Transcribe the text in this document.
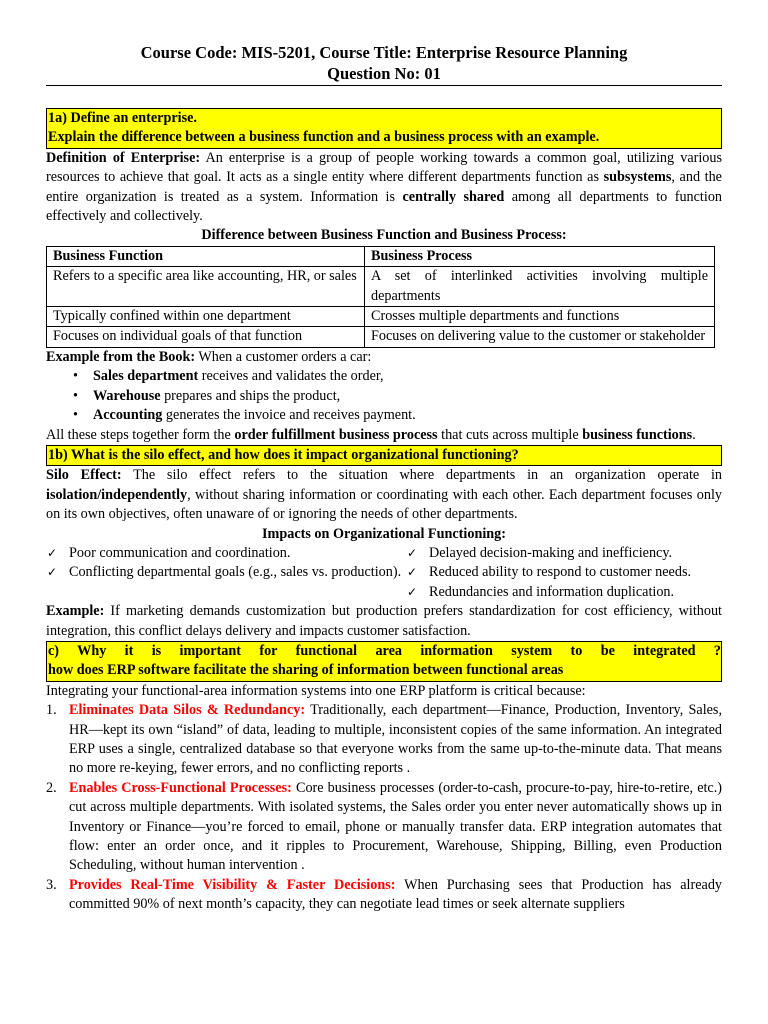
Course Code: MIS-5201, Course Title: Enterprise Resource Planning
Question No: 01
1a) Define an enterprise.
Explain the difference between a business function and a business process with an example.

Definition of Enterprise: An enterprise is a group of people working towards a common goal, utilizing various resources to achieve that goal. It acts as a single entity where different departments function as subsystems, and the entire organization is treated as a system. Information is centrally shared among all departments to function effectively and collectively.

Difference between Business Function and Business Process:
Business Function	Business Process
Refers to a specific area like accounting, HR, or sales	A set of interlinked activities involving multiple departments
Typically confined within one department	Crosses multiple departments and functions
Focuses on individual goals of that function	Focuses on delivering value to the customer or stakeholder

Example from the Book: When a customer orders a car:

• Sales department receives and validates the order,
• Warehouse prepares and ships the product,
• Accounting generates the invoice and receives payment.

All these steps together form the order fulfillment business process that cuts across multiple business functions.

1b) What is the silo effect, and how does it impact organizational functioning?

Silo Effect: The silo effect refers to the situation where departments in an organization operate in isolation/independently, without sharing information or coordinating with each other. Each department focuses only on its own objectives, often unaware of or ignoring the needs of other departments.

Impacts on Organizational Functioning:
✓ Poor communication and coordination.
✓ Conflicting departmental goals (e.g., sales vs. production).
✓ Delayed decision-making and inefficiency.
✓ Reduced ability to respond to customer needs.
✓ Redundancies and information duplication.

Example: If marketing demands customization but production prefers standardization for cost efficiency, without integration, this conflict delays delivery and impacts customer satisfaction.

c) Why it is important for functional area information system to be integrated ?
how does ERP software facilitate the sharing of information between functional areas

Integrating your functional-area information systems into one ERP platform is critical because:

1. Eliminates Data Silos & Redundancy: Traditionally, each department—Finance, Production, Inventory, Sales, HR—kept its own “island” of data, leading to multiple, inconsistent copies of the same information. An integrated ERP uses a single, centralized database so that everyone works from the same up-to-the-minute data. That means no more re-keying, fewer errors, and no conflicting reports .
2. Enables Cross-Functional Processes: Core business processes (order-to-cash, procure-to-pay, hire-to-retire, etc.) cut across multiple departments. With isolated systems, the Sales order you enter never automatically shows up in Inventory or Finance—you’re forced to email, phone or manually transfer data. ERP integration automates that flow: enter an order once, and it ripples to Procurement, Warehouse, Shipping, Billing, even Production Scheduling, without human intervention .
3. Provides Real-Time Visibility & Faster Decisions: When Purchasing sees that Production has already committed 90% of next month’s capacity, they can negotiate lead times or seek alternate suppliers
